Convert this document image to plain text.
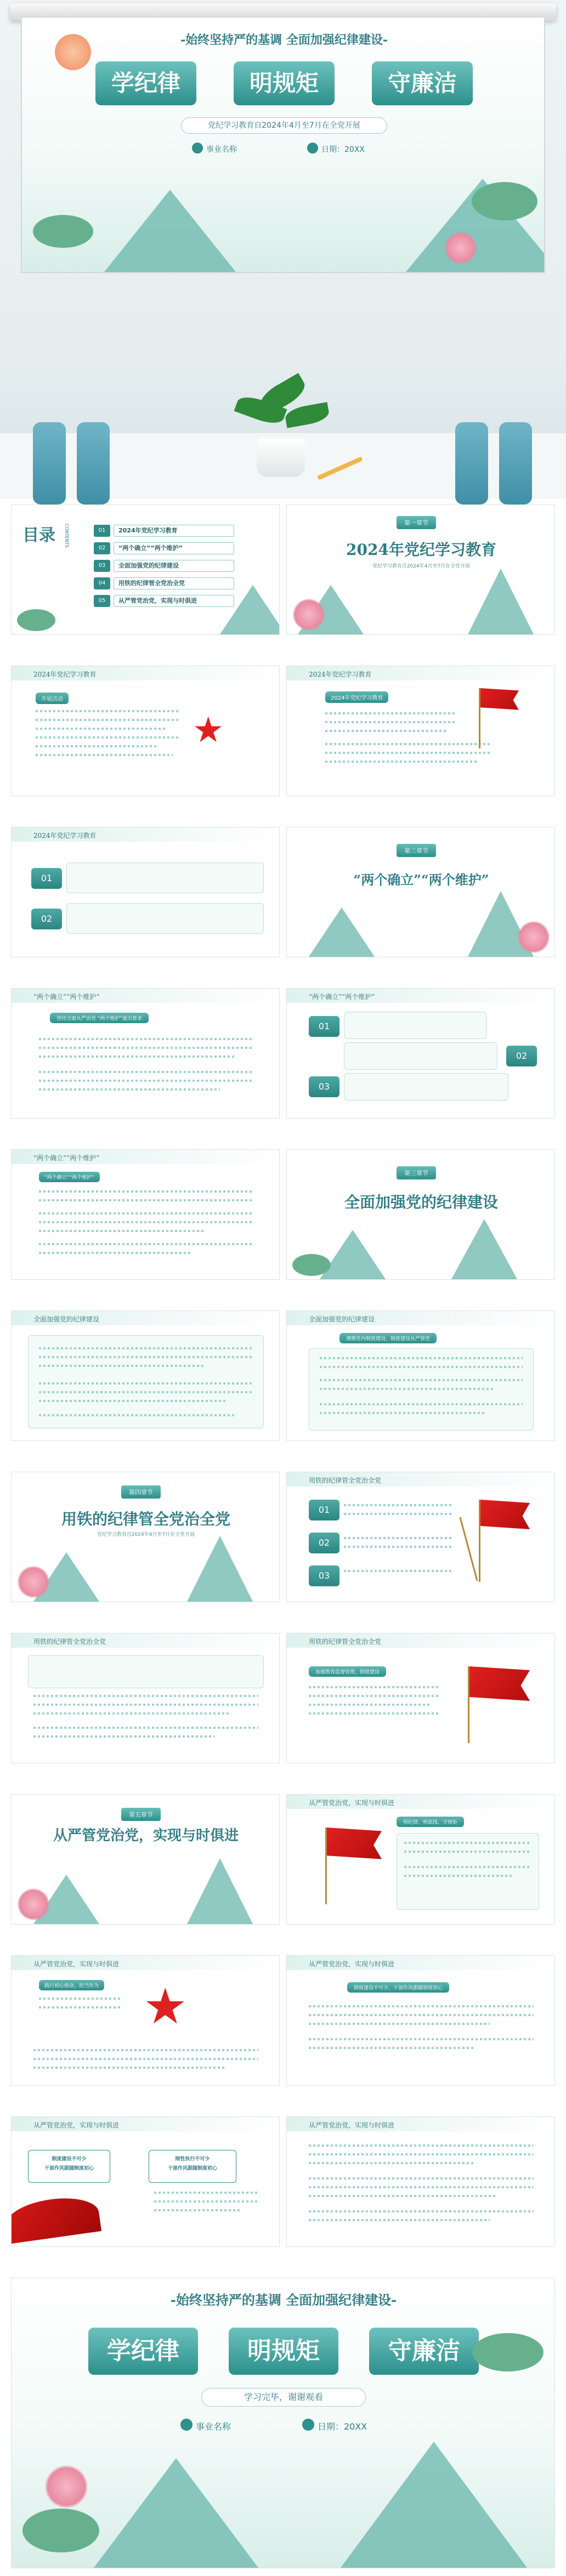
-始终坚持严的基调 全面加强纪律建设-
学纪律	明规矩	守廉洁
党纪学习教育自2024年4月至7月在全党开展
事业名称	日期：20XX
目录 CONTENTS	01	2024年党纪学习教育
02	“两个确立”“两个维护”
03	全面加强党的纪律建设
04	用铁的纪律管全党治全党
05	从严管党治党，实现与时俱进
第一章节
2024年党纪学习教育
党纪学习教育自2024年4月至7月在全党开展
2024年党纪学习教育
开展活动
★
2024年党纪学习教育
2024年党纪学习教育
2024年党纪学习教育
01
02
第二章节
“两个确立”“两个维护”
“两个确立”“两个维护”
坚持全面从严治党 “两个维护”提出要求
“两个确立”“两个维护”
01
02
03
“两个确立”“两个维护”
“两个确立”“两个维护”
第三章节
全面加强党的纪律建设
全面加强党的纪律建设	全面加强党的纪律建设
遵循党内制度建设，制度建设从严管党
第四章节
用铁的纪律管全党治全党
党纪学习教育自2024年4月至7月在全党开展
用铁的纪律管全党治全党
01
02
03
用铁的纪律管全党治全党	用铁的纪律管全党治全党
加强教育监督管理，制度建设
第五章节
从严管党治党，实现与时俱进
从严管党治党，实现与时俱进
明纪律，明底线，守规矩
从严管党治党，实现与时俱进
践行初心使命，担当作为 ★
从严管党治党，实现与时俱进
制度建设不可少，干部作风跟随制度初心
从严管党治党，实现与时俱进
制度建设不可少
干部作风跟随制度初心
刚性执行不可少
干部作风跟随制度初心
从严管党治党，实现与时俱进
-始终坚持严的基调 全面加强纪律建设-
学纪律	明规矩	守廉洁
学习完毕，谢谢观看
事业名称	日期：20XX
